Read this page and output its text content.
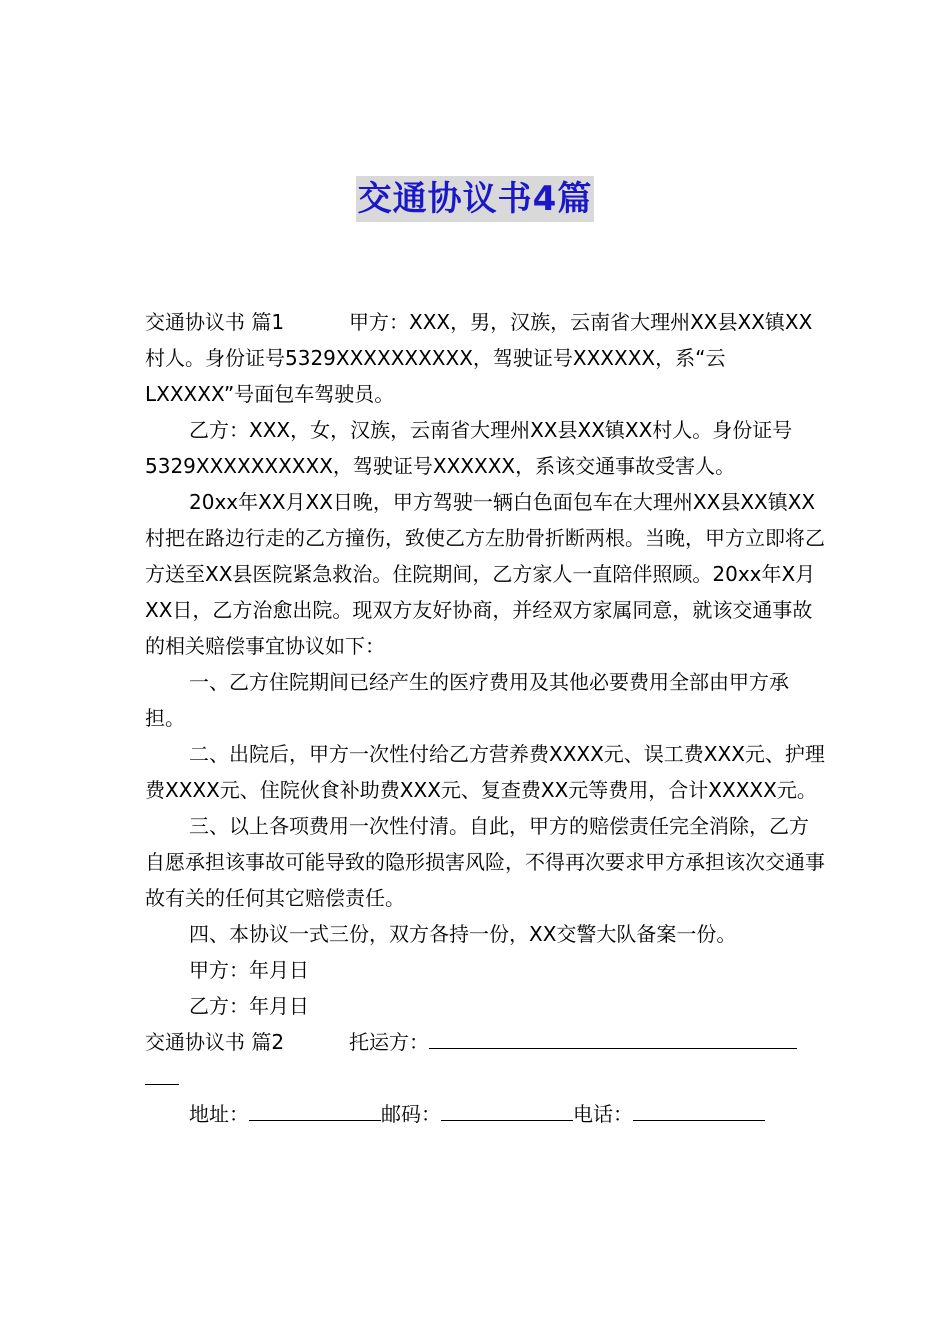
交通协议书4篇

交通协议书 篇1	甲方：XXX，男，汉族，云南省大理州XX县XX镇XX村人。身份证号5329XXXXXXXXXX，驾驶证号XXXXXX，系“云LXXXXX”号面包车驾驶员。

乙方：XXX，女，汉族，云南省大理州XX县XX镇XX村人。身份证号5329XXXXXXXXXX，驾驶证号XXXXXX，系该交通事故受害人。

20xx年XX月XX日晚，甲方驾驶一辆白色面包车在大理州XX县XX镇XX村把在路边行走的乙方撞伤，致使乙方左肋骨折断两根。当晚，甲方立即将乙方送至XX县医院紧急救治。住院期间，乙方家人一直陪伴照顾。20xx年X月XX日，乙方治愈出院。现双方友好协商，并经双方家属同意，就该交通事故的相关赔偿事宜协议如下：

一、乙方住院期间已经产生的医疗费用及其他必要费用全部由甲方承担。

二、出院后，甲方一次性付给乙方营养费XXXX元、误工费XXX元、护理费XXXX元、住院伙食补助费XXX元、复查费XX元等费用，合计XXXXX元。

三、以上各项费用一次性付清。自此，甲方的赔偿责任完全消除，乙方自愿承担该事故可能导致的隐形损害风险，不得再次要求甲方承担该次交通事故有关的任何其它赔偿责任。

四、本协议一式三份，双方各持一份，XX交警大队备案一份。

甲方：年月日

乙方：年月日

交通协议书 篇2	托运方：

地址：	邮码：	电话：
